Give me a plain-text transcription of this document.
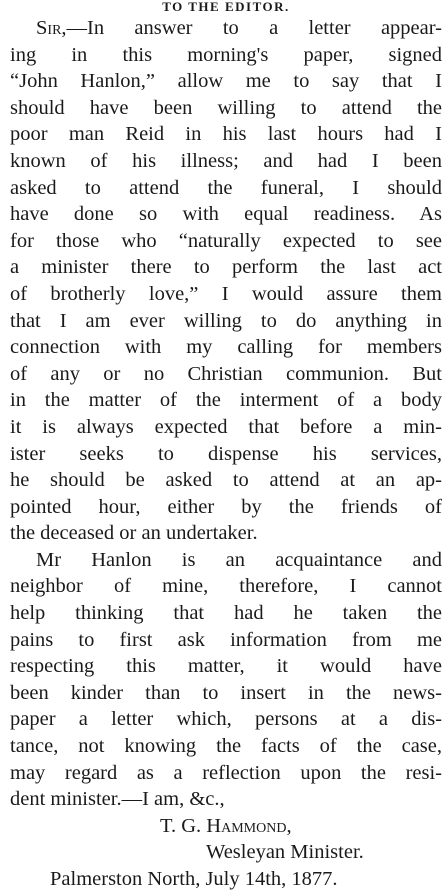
TO THE EDITOR.
Sir,—In answer to a letter appear-
ing in this morning's paper, signed
“John Hanlon,” allow me to say that I
should have been willing to attend the
poor man Reid in his last hours had I
known of his illness; and had I been
asked to attend the funeral, I should
have done so with equal readiness. As
for those who “naturally expected to see
a minister there to perform the last act
of brotherly love,” I would assure them
that I am ever willing to do anything in
connection with my calling for members
of any or no Christian communion. But
in the matter of the interment of a body
it is always expected that before a min-
ister seeks to dispense his services,
he should be asked to attend at an ap-
pointed hour, either by the friends of
the deceased or an undertaker.
Mr Hanlon is an acquaintance and
neighbor of mine, therefore, I cannot
help thinking that had he taken the
pains to first ask information from me
respecting this matter, it would have
been kinder than to insert in the news-
paper a letter which, persons at a dis-
tance, not knowing the facts of the case,
may regard as a reflection upon the resi-
dent minister.—I am, &c.,
T. G. Hammond,
Wesleyan Minister.
Palmerston North, July 14th, 1877.
